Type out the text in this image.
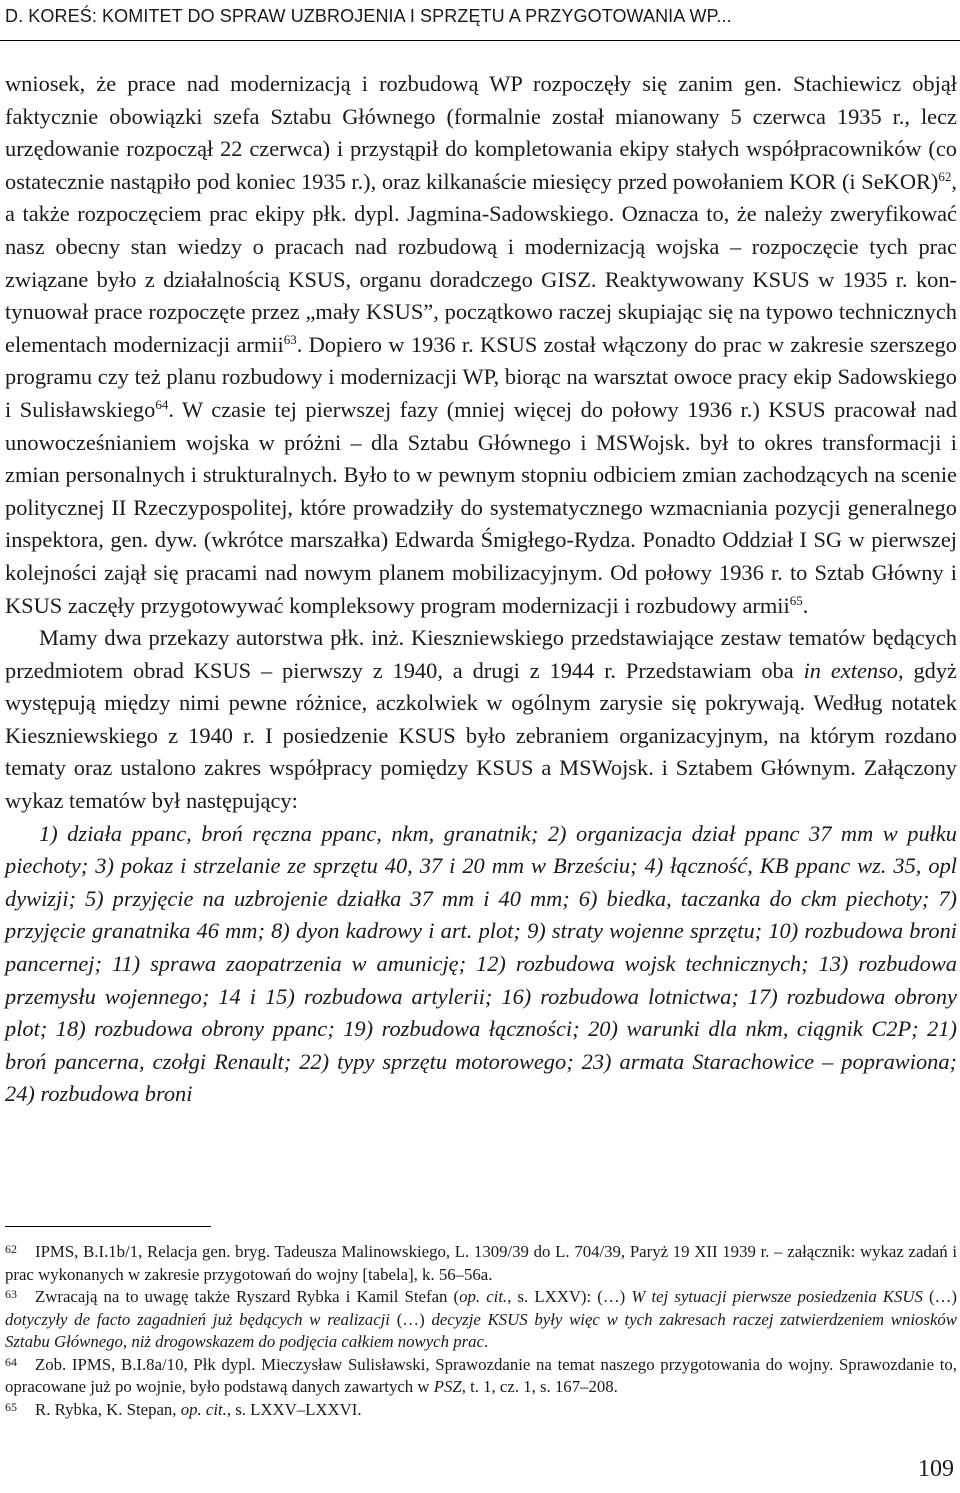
D. KOREŚ: KOMITET DO SPRAW UZBROJENIA I SPRZĘTU A PRZYGOTOWANIA WP...

wniosek, że prace nad modernizacją i rozbudową WP rozpoczęły się zanim gen. Stachiewicz objął faktycznie obowiązki szefa Sztabu Głównego (formalnie został mianowany 5 czerwca 1935 r., lecz urzędowanie rozpoczął 22 czerwca) i przystąpił do kompletowania ekipy stałych współpracowników (co ostatecznie nastąpiło pod koniec 1935 r.), oraz kilkanaście miesięcy przed powołaniem KOR (i SeKOR)$^{62}$, a także rozpoczęciem prac ekipy płk. dypl. Jagmina-Sadowskiego. Oznacza to, że należy zweryfikować nasz obecny stan wiedzy o pracach nad rozbudową i modernizacją wojska – rozpoczęcie tych prac związane było z działalnością KSUS, organu doradczego GISZ. Reaktywowany KSUS w 1935 r. kontynuował prace rozpoczęte przez „mały KSUS”, początkowo raczej skupiając się na typowo technicznych elementach modernizacji armii$^{63}$. Dopiero w 1936 r. KSUS został włączony do prac w zakresie szerszego programu czy też planu rozbudowy i modernizacji WP, biorąc na warsztat owoce pracy ekip Sadowskiego i Sulisławskiego$^{64}$. W czasie tej pierwszej fazy (mniej więcej do połowy 1936 r.) KSUS pracował nad unowocześnianiem wojska w próżni – dla Sztabu Głównego i MSWojsk. był to okres transformacji i zmian personalnych i strukturalnych. Było to w pewnym stopniu odbiciem zmian zachodzących na scenie politycznej II Rzeczypospolitej, które prowadziły do systematycznego wzmacniania pozycji generalnego inspektora, gen. dyw. (wkrótce marszałka) Edwarda Śmigłego-Rydza. Ponadto Oddział I SG w pierwszej kolejności zajął się pracami nad nowym planem mobilizacyjnym. Od połowy 1936 r. to Sztab Główny i KSUS zaczęły przygotowywać kompleksowy program modernizacji i rozbudowy armii$^{65}$.

Mamy dwa przekazy autorstwa płk. inż. Kieszniewskiego przedstawiające zestaw tematów będących przedmiotem obrad KSUS – pierwszy z 1940, a drugi z 1944 r. Przedstawiam oba in extenso, gdyż występują między nimi pewne różnice, aczkolwiek w ogólnym zarysie się pokrywają. Według notatek Kieszniewskiego z 1940 r. I posiedzenie KSUS było zebraniem organizacyjnym, na którym rozdano tematy oraz ustalono zakres współpracy pomiędzy KSUS a MSWojsk. i Sztabem Głównym. Załączony wykaz tematów był następujący:

1) działa ppanc, broń ręczna ppanc, nkm, granatnik; 2) organizacja dział ppanc 37 mm w pułku piechoty; 3) pokaz i strzelanie ze sprzętu 40, 37 i 20 mm w Brześciu; 4) łączność, KB ppanc wz. 35, opl dywizji; 5) przyjęcie na uzbrojenie działka 37 mm i 40 mm; 6) biedka, taczanka do ckm piechoty; 7) przyjęcie granatnika 46 mm; 8) dyon kadrowy i art. plot; 9) straty wojenne sprzętu; 10) rozbudowa broni pancernej; 11) sprawa zaopatrzenia w amunicję; 12) rozbudowa wojsk technicznych; 13) rozbudowa przemysłu wojennego; 14 i 15) rozbudowa artylerii; 16) rozbudowa lotnictwa; 17) rozbudowa obrony plot; 18) rozbudowa obrony ppanc; 19) rozbudowa łączności; 20) warunki dla nkm, ciągnik C2P; 21) broń pancerna, czołgi Renault; 22) typy sprzętu motorowego; 23) armata Starachowice – poprawiona; 24) rozbudowa broni

62 IPMS, B.I.1b/1, Relacja gen. bryg. Tadeusza Malinowskiego, L. 1309/39 do L. 704/39, Paryż 19 XII 1939 r. – załącznik: wykaz zadań i prac wykonanych w zakresie przygotowań do wojny [tabela], k. 56–56a.

63 Zwracają na to uwagę także Ryszard Rybka i Kamil Stefan (op. cit., s. LXXV): (…) W tej sytuacji pierwsze posiedzenia KSUS (…) dotyczyły de facto zagadnień już będących w realizacji (…) decyzje KSUS były więc w tych zakresach raczej zatwierdzeniem wniosków Sztabu Głównego, niż drogowskazem do podjęcia całkiem nowych prac.

64 Zob. IPMS, B.I.8a/10, Płk dypl. Mieczysław Sulisławski, Sprawozdanie na temat naszego przygotowania do wojny. Sprawozdanie to, opracowane już po wojnie, było podstawą danych zawartych w PSZ, t. 1, cz. 1, s. 167–208.

65 R. Rybka, K. Stepan, op. cit., s. LXXV–LXXVI.

109
